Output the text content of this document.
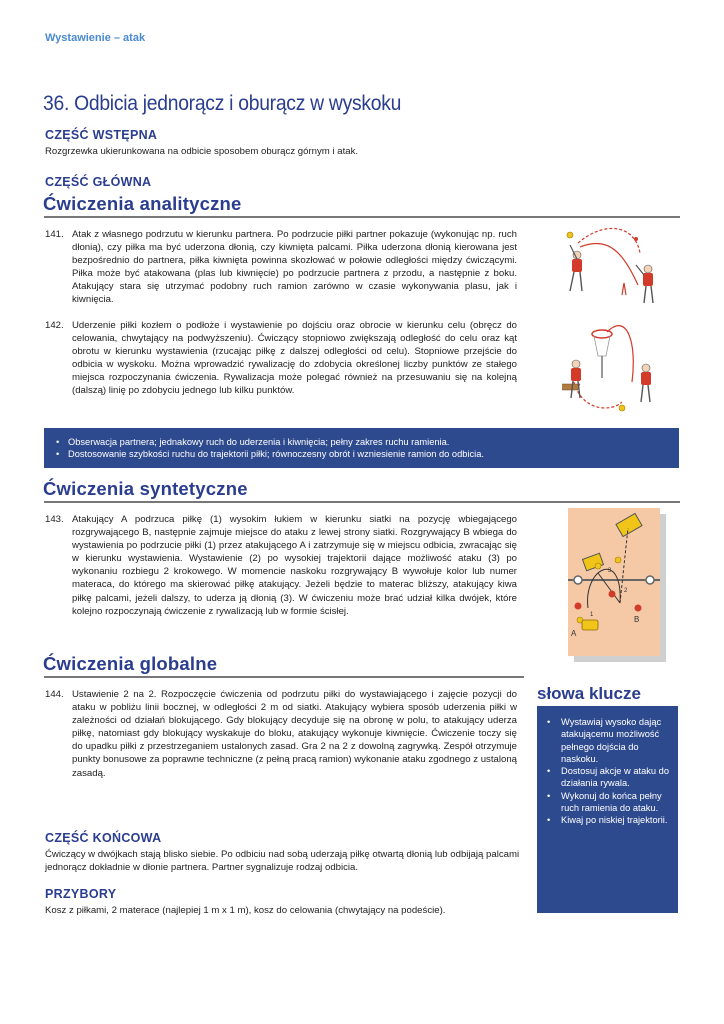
Wystawienie – atak
36. Odbicia jednorącz i oburącz w wyskoku
CZĘŚĆ WSTĘPNA
Rozgrzewka ukierunkowana na odbicie sposobem oburącz górnym i atak.
CZĘŚĆ GŁÓWNA
Ćwiczenia analityczne
141. Atak z własnego podrzutu w kierunku partnera. Po podrzucie piłki partner pokazuje (wykonując np. ruch dłonią), czy piłka ma być uderzona dłonią, czy kiwnięta palcami. Piłka uderzona dłonią kierowana jest bezpośrednio do partnera, piłka kiwnięta powinna skozłować w połowie odległości między ćwiczącymi. Piłka może być atakowana (plas lub kiwnięcie) po podrzucie partnera z przodu, a następnie z boku. Atakujący stara się utrzymać podobny ruch ramion zarówno w czasie wykonywania plasu, jak i kiwnięcia.
142. Uderzenie piłki kozłem o podłoże i wystawienie po dojściu oraz obrocie w kierunku celu (obręcz do celowania, chwytający na podwyższeniu). Ćwiczący stopniowo zwiększają odległość do celu oraz kąt obrotu w kierunku wystawienia (rzucając piłkę z dalszej odległości od celu). Stopniowe przejście do odbicia w wyskoku. Można wprowadzić rywalizację do zdobycia określonej liczby punktów ze stałego miejsca rozpoczynania ćwiczenia. Rywalizacja może polegać również na przesuwaniu się na kolejną (dalszą) linię po zdobyciu jednego lub kilku punktów.
• Obserwacja partnera; jednakowy ruch do uderzenia i kiwnięcia; pełny zakres ruchu ramienia.
• Dostosowanie szybkości ruchu do trajektorii piłki; równoczesny obrót i wzniesienie ramion do odbicia.
Ćwiczenia syntetyczne
143. Atakujący A podrzuca piłkę (1) wysokim łukiem w kierunku siatki na pozycję wbiegającego rozgrywającego B, następnie zajmuje miejsce do ataku z lewej strony siatki. Rozgrywający B wbiega do wystawienia po podrzucie piłki (1) przez atakującego A i zatrzymuje się w miejscu odbicia, zwracając się w kierunku wystawienia. Wystawienie (2) po wysokiej trajektorii dające możliwość ataku (3) po wykonaniu rozbiegu 2 krokowego. W momencie naskoku rozgrywający B wywołuje kolor lub numer materaca, do którego ma skierować piłkę atakujący. Jeżeli będzie to materac bliższy, atakujący kiwa piłkę palcami, jeżeli dalszy, to uderza ją dłonią (3). W ćwiczeniu może brać udział kilka dwójek, które kolejno rozpoczynają ćwiczenie z rywalizacją lub w formie ścisłej.
A
B
1
2
3
Ćwiczenia globalne
144. Ustawienie 2 na 2. Rozpoczęcie ćwiczenia od podrzutu piłki do wystawiającego i zajęcie pozycji do ataku w pobliżu linii bocznej, w odległości 2 m od siatki. Atakujący wybiera sposób uderzenia piłki w zależności od działań blokującego. Gdy blokujący decyduje się na obronę w polu, to atakujący uderza piłkę, natomiast gdy blokujący wyskakuje do bloku, atakujący wykonuje kiwnięcie. Ćwiczenie toczy się do upadku piłki z przestrzeganiem ustalonych zasad. Gra 2 na 2 z dowolną zagrywką. Zespół otrzymuje punkty bonusowe za poprawne techniczne (z pełną pracą ramion) wykonanie ataku zgodnego z ustaloną zasadą.
słowa klucze
• Wystawiaj wysoko dając atakującemu możliwość pełnego dojścia do naskoku.
• Dostosuj akcje w ataku do działania rywala.
• Wykonuj do końca pełny ruch ramienia do ataku.
• Kiwaj po niskiej trajektorii.
CZĘŚĆ KOŃCOWA
Ćwiczący w dwójkach stają blisko siebie. Po odbiciu nad sobą uderzają piłkę otwartą dłonią lub odbijają palcami jednorącz dokładnie w dłonie partnera. Partner sygnalizuje rodzaj odbicia.
PRZYBORY
Kosz z piłkami, 2 materace (najlepiej 1 m x 1 m), kosz do celowania (chwytający na podeście).
